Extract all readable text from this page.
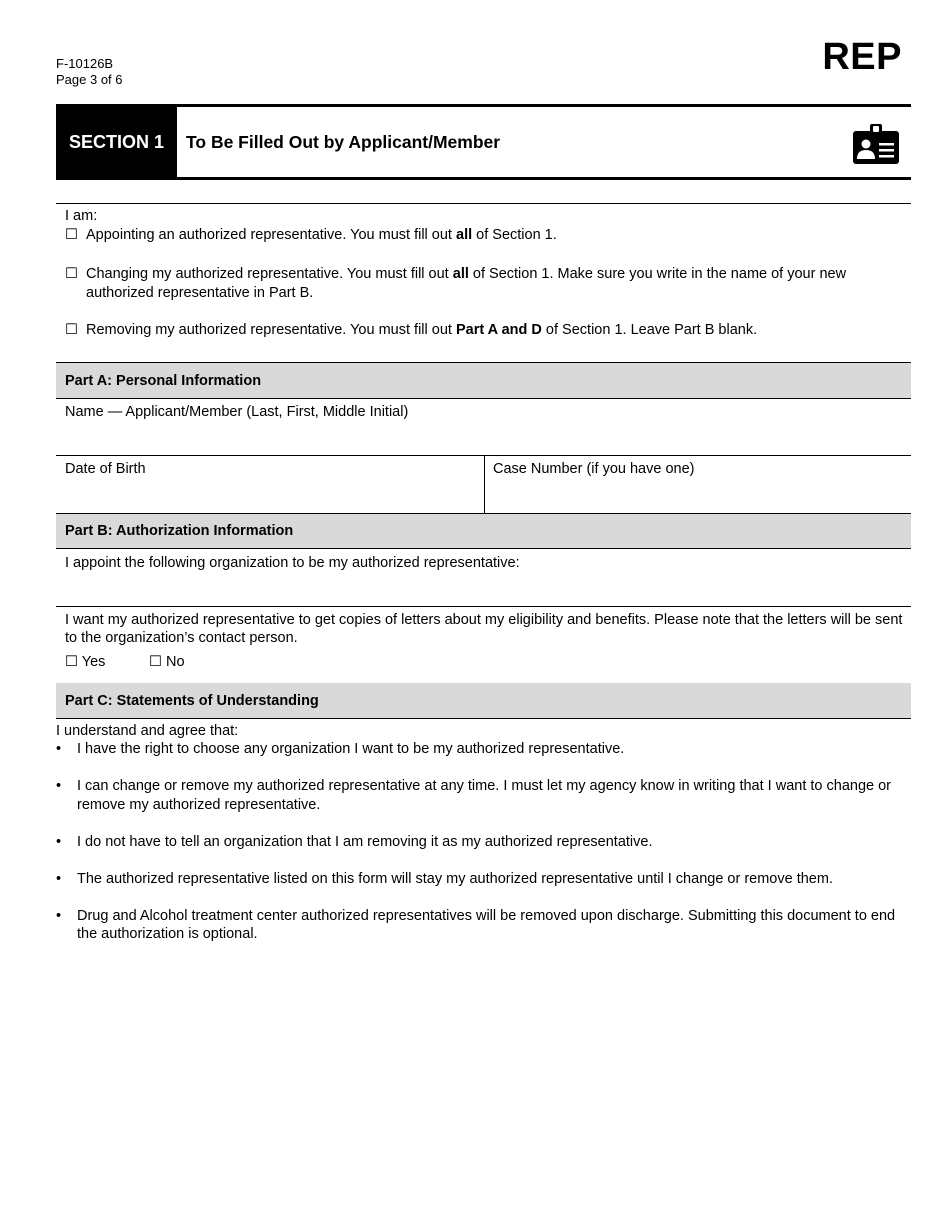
F-10126B
Page 3 of 6
REP
SECTION 1	To Be Filled Out by Applicant/Member
I am:
☐ Appointing an authorized representative. You must fill out all of Section 1.
☐ Changing my authorized representative. You must fill out all of Section 1. Make sure you write in the name of your new authorized representative in Part B.
☐ Removing my authorized representative. You must fill out Part A and D of Section 1. Leave Part B blank.
Part A: Personal Information
Name — Applicant/Member (Last, First, Middle Initial)
Date of Birth	Case Number (if you have one)
Part B: Authorization Information
I appoint the following organization to be my authorized representative:
I want my authorized representative to get copies of letters about my eligibility and benefits. Please note that the letters will be sent to the organization’s contact person.
☐ Yes	☐ No
Part C: Statements of Understanding
I understand and agree that:
• I have the right to choose any organization I want to be my authorized representative.
• I can change or remove my authorized representative at any time. I must let my agency know in writing that I want to change or remove my authorized representative.
• I do not have to tell an organization that I am removing it as my authorized representative.
• The authorized representative listed on this form will stay my authorized representative until I change or remove them.
• Drug and Alcohol treatment center authorized representatives will be removed upon discharge. Submitting this document to end the authorization is optional.
